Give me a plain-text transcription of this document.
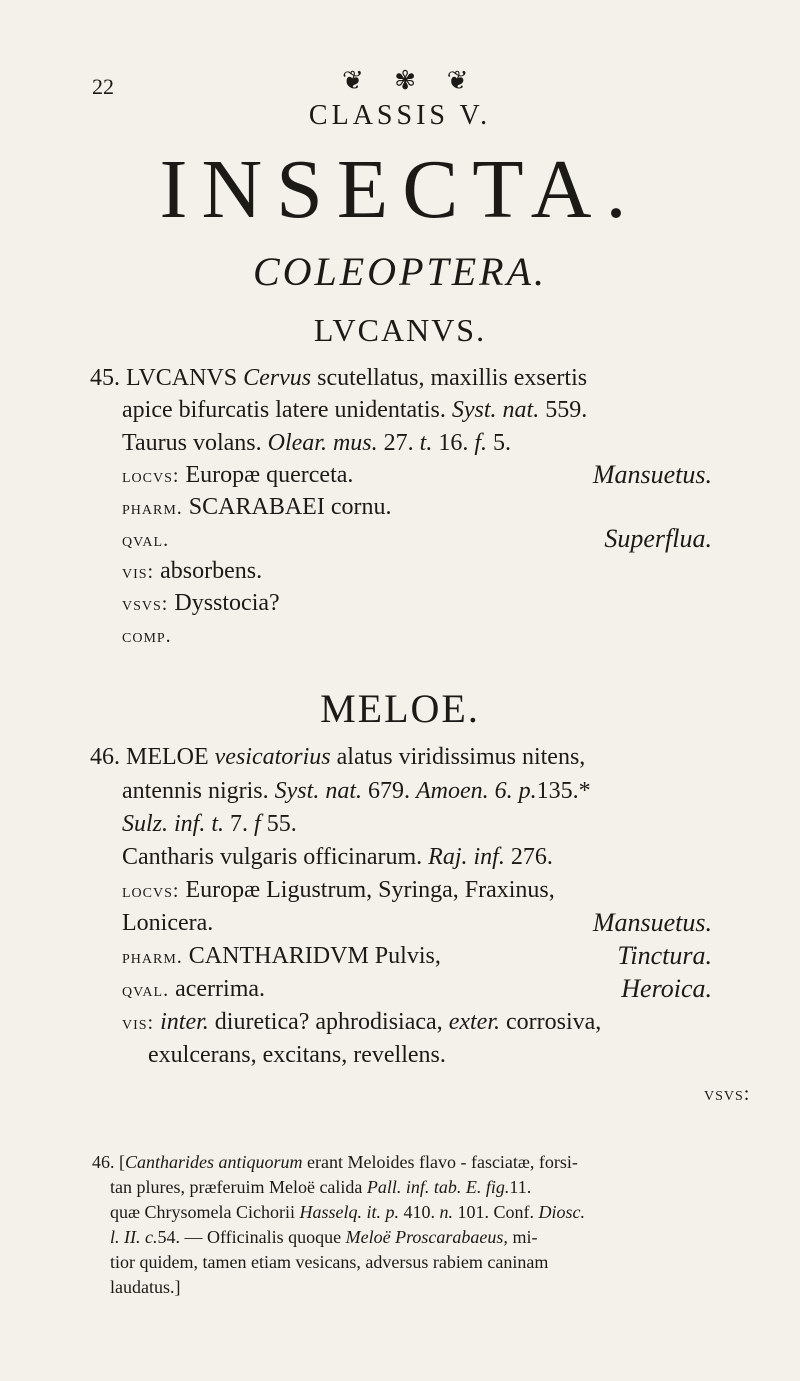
22	❦ ✾ ❦
CLASSIS V.
INSECTA.
COLEOPTERA.
LVCANVS.
45. LVCANVS Cervus scutellatus, maxillis exsertis
apice bifurcatis latere unidentatis. Syst. nat. 559.
Taurus volans. Olear. mus. 27. t. 16. f. 5.
locvs: Europæ querceta.	Mansuetus.
pharm. SCARABAEI cornu.
qval.	Superflua.
vis: absorbens.
vsvs: Dysstocia?
comp.
MELOE.
46. MELOE vesicatorius alatus viridissimus nitens,
antennis nigris. Syst. nat. 679. Amoen. 6. p.135.*
Sulz. inf. t. 7. f 55.
Cantharis vulgaris officinarum. Raj. inf. 276.
locvs: Europæ Ligustrum, Syringa, Fraxinus,
Lonicera.	Mansuetus.
pharm. CANTHARIDVM Pulvis,	Tinctura.
qval. acerrima.	Heroica.
vis: inter. diuretica? aphrodisiaca, exter. corrosiva,
exulcerans, excitans, revellens.
vsvs:
46. [Cantharides antiquorum erant Meloides flavo - fasciatæ, forsi-
tan plures, præferuim Meloë calida Pall. inf. tab. E. fig.11.
quæ Chrysomela Cichorii Hasselq. it. p. 410. n. 101. Conf. Diosc.
l. II. c.54. — Officinalis quoque Meloë Proscarabaeus, mi-
tior quidem, tamen etiam vesicans, adversus rabiem caninam
laudatus.]
